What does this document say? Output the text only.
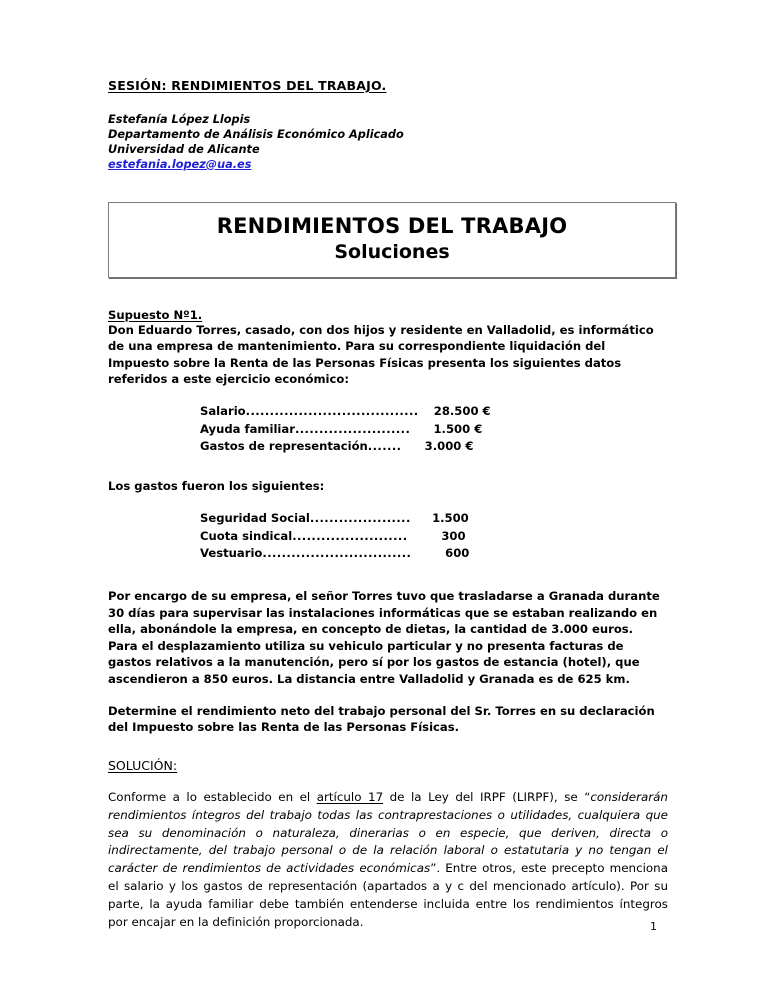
SESIÓN: RENDIMIENTOS DEL TRABAJO.
Estefanía López Llopis
Departamento de Análisis Económico Aplicado
Universidad de Alicante
estefania.lopez@ua.es
RENDIMIENTOS DEL TRABAJO
Soluciones
Supuesto Nº1.

Don Eduardo Torres, casado, con dos hijos y residente en Valladolid, es informático de una empresa de mantenimiento. Para su correspondiente liquidación del Impuesto sobre la Renta de las Personas Físicas presenta los siguientes datos referidos a este ejercicio económico:

Salario ....................................	28.500 €
Ayuda familiar ........................	1.500 €
Gastos de representación .......	3.000 €

Los gastos fueron los siguientes:

Seguridad Social .....................	1.500
Cuota sindical ........................	300
Vestuario ...............................	600

Por encargo de su empresa, el señor Torres tuvo que trasladarse a Granada durante 30 días para supervisar las instalaciones informáticas que se estaban realizando en ella, abonándole la empresa, en concepto de dietas, la cantidad de 3.000 euros.

Para el desplazamiento utiliza su vehiculo particular y no presenta facturas de gastos relativos a la manutención, pero sí por los gastos de estancia (hotel), que ascendieron a 850 euros. La distancia entre Valladolid y Granada es de 625 km.

Determine el rendimiento neto del trabajo personal del Sr. Torres en su declaración del Impuesto sobre las Renta de las Personas Físicas.

SOLUCIÓN:

Conforme a lo establecido en el artículo 17 de la Ley del IRPF (LIRPF), se “considerarán rendimientos íntegros del trabajo todas las contraprestaciones o utilidades, cualquiera que sea su denominación o naturaleza, dinerarias o en especie, que deriven, directa o indirectamente, del trabajo personal o de la relación laboral o estatutaria y no tengan el carácter de rendimientos de actividades económicas”. Entre otros, este precepto menciona el salario y los gastos de representación (apartados a y c del mencionado artículo). Por su parte, la ayuda familiar debe también entenderse incluida entre los rendimientos íntegros por encajar en la definición proporcionada.	1
